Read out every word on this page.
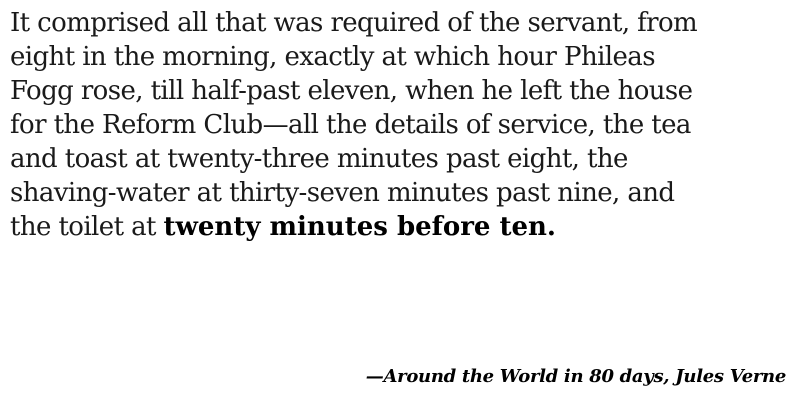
It comprised all that was required of the servant, from
eight in the morning, exactly at which hour Phileas
Fogg rose, till half-past eleven, when he left the house
for the Reform Club—all the details of service, the tea
and toast at twenty-three minutes past eight, the
shaving-water at thirty-seven minutes past nine, and
the toilet at twenty minutes before ten.
—Around the World in 80 days, Jules Verne
